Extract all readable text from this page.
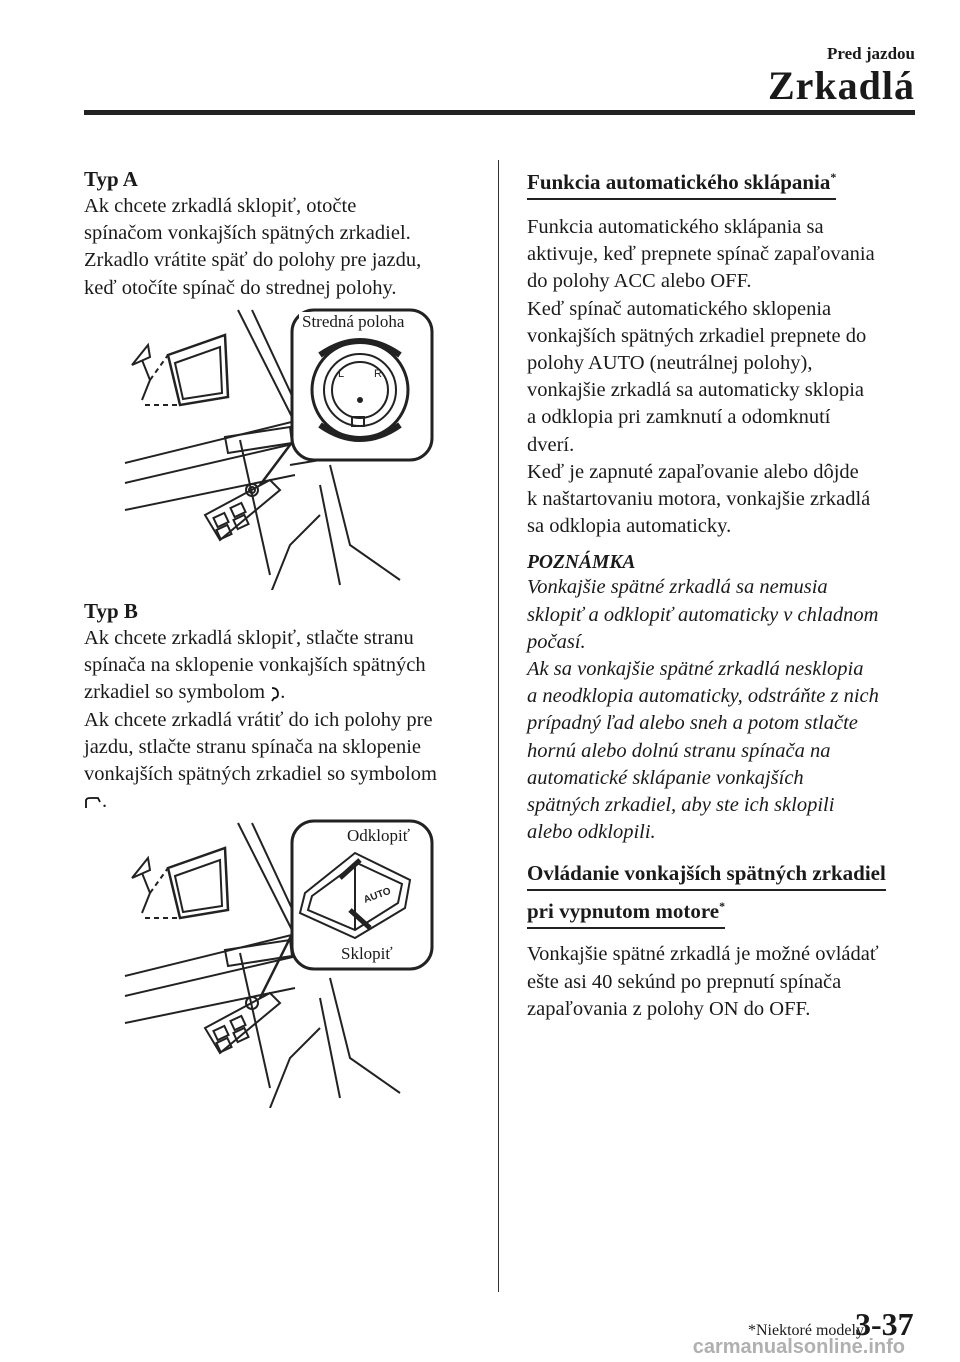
Pred jazdou
Zrkadlá

Typ A

Ak chcete zrkadlá sklopiť, otočte

spínačom vonkajších spätných zrkadiel.

Zrkadlo vrátite späť do polohy pre jazdu,

keď otočíte spínač do strednej polohy.

L	R
Stredná poloha

Typ B

Ak chcete zrkadlá sklopiť, stlačte stranu

spínača na sklopenie vonkajších spätných

zrkadiel so symbolom .

Ak chcete zrkadlá vrátiť do ich polohy pre

jazdu, stlačte stranu spínača na sklopenie

vonkajších spätných zrkadiel so symbolom

.

AUTO
Odklopiť
Sklopiť
Funkcia automatického sklápania*

Funkcia automatického sklápania sa

aktivuje, keď prepnete spínač zapaľovania

do polohy ACC alebo OFF.

Keď spínač automatického sklopenia

vonkajších spätných zrkadiel prepnete do

polohy AUTO (neutrálnej polohy),

vonkajšie zrkadlá sa automaticky sklopia

a odklopia pri zamknutí a odomknutí

dverí.

Keď je zapnuté zapaľovanie alebo dôjde

k naštartovaniu motora, vonkajšie zrkadlá

sa odklopia automaticky.

POZNÁMKA

Vonkajšie spätné zrkadlá sa nemusia

sklopiť a odklopiť automaticky v chladnom

počasí.

Ak sa vonkajšie spätné zrkadlá nesklopia

a neodklopia automaticky, odstráňte z nich

prípadný ľad alebo sneh a potom stlačte

hornú alebo dolnú stranu spínača na

automatické sklápanie vonkajších

spätných zrkadiel, aby ste ich sklopili

alebo odklopili.

Ovládanie vonkajších spätných zrkadiel
pri vypnutom motore*

Vonkajšie spätné zrkadlá je možné ovládať

ešte asi 40 sekúnd po prepnutí spínača

zapaľovania z polohy ON do OFF.

*Niektoré modely.
3-37
carmanualsonline.info
